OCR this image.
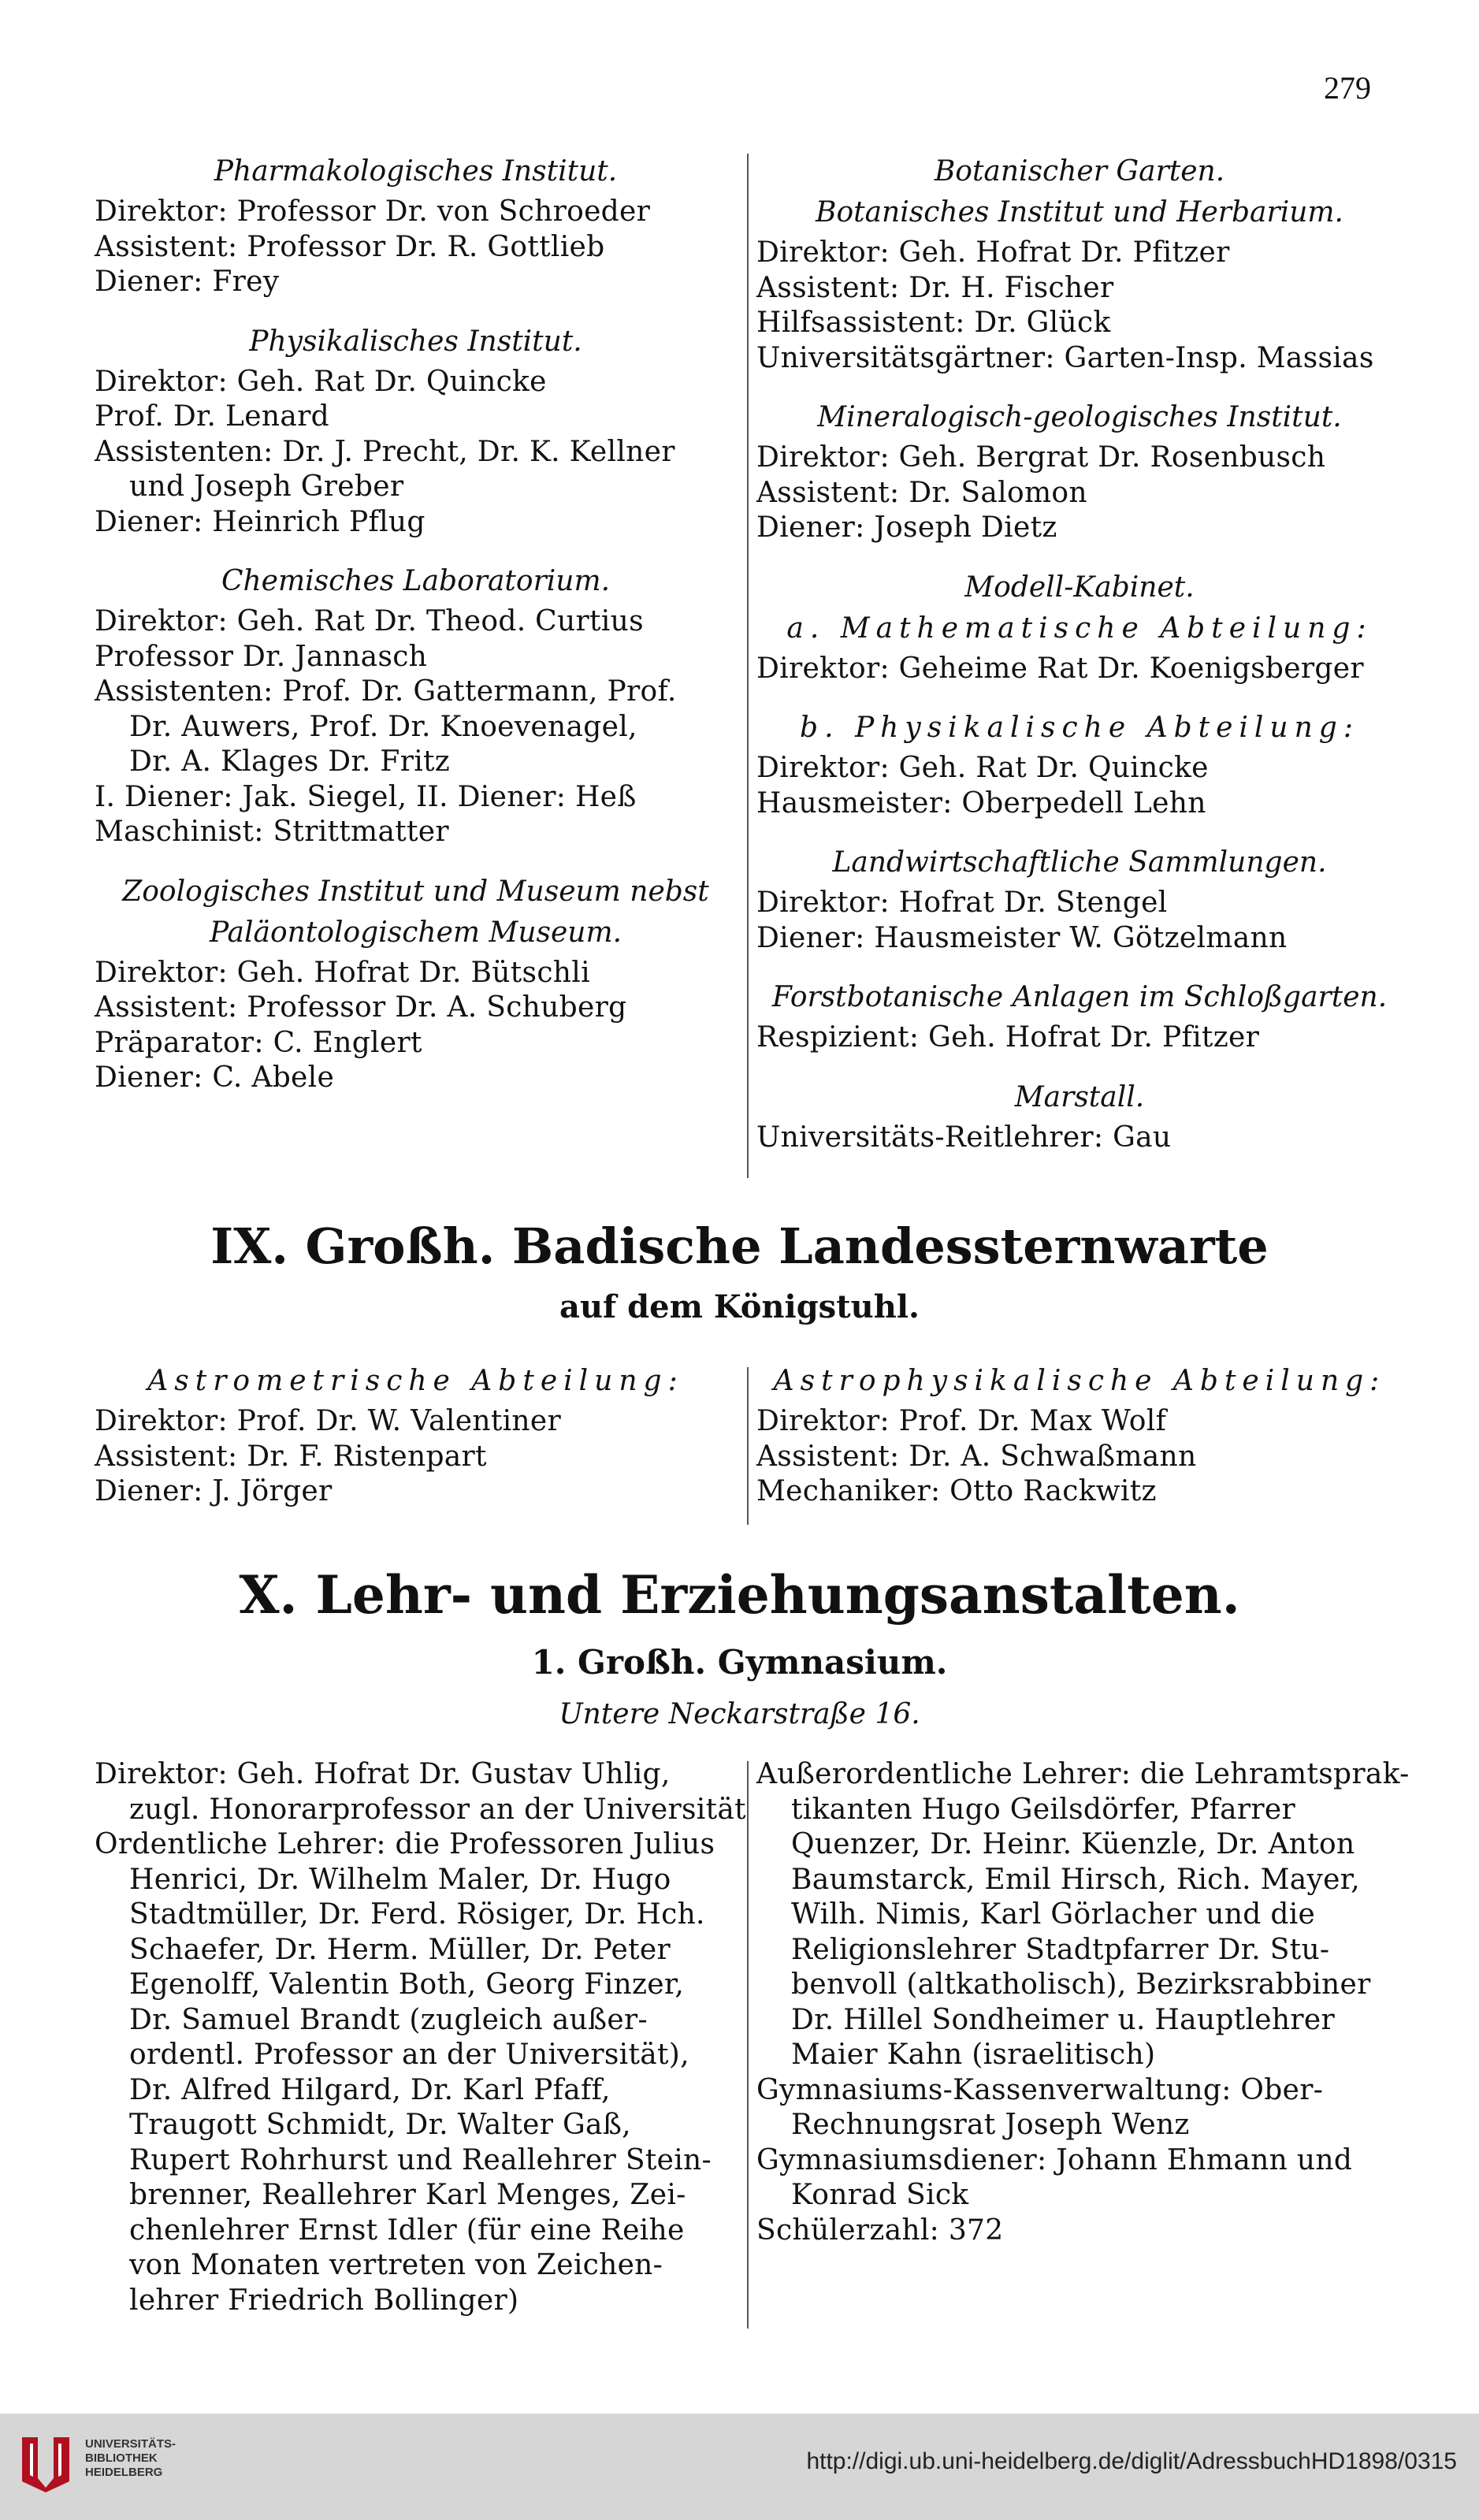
279
Pharmakologisches Institut.
Direktor: Professor Dr. von Schroeder
Assistent: Professor Dr. R. Gottlieb
Diener: Frey
Physikalisches Institut.
Direktor: Geh. Rat Dr. Quincke
Prof. Dr. Lenard
Assistenten: Dr. J. Precht, Dr. K. Kellner
und Joseph Greber
Diener: Heinrich Pflug
Chemisches Laboratorium.
Direktor: Geh. Rat Dr. Theod. Curtius
Professor Dr. Jannasch
Assistenten: Prof. Dr. Gattermann, Prof.
Dr. Auwers, Prof. Dr. Knoevenagel,
Dr. A. Klages Dr. Fritz
I. Diener: Jak. Siegel, II. Diener: Heß
Maschinist: Strittmatter
Zoologisches Institut und Museum nebst
Paläontologischem Museum.
Direktor: Geh. Hofrat Dr. Bütschli
Assistent: Professor Dr. A. Schuberg
Präparator: C. Englert
Diener: C. Abele
Botanischer Garten.
Botanisches Institut und Herbarium.
Direktor: Geh. Hofrat Dr. Pfitzer
Assistent: Dr. H. Fischer
Hilfsassistent: Dr. Glück
Universitätsgärtner: Garten-Insp. Massias
Mineralogisch-geologisches Institut.
Direktor: Geh. Bergrat Dr. Rosenbusch
Assistent: Dr. Salomon
Diener: Joseph Dietz
Modell-Kabinet.
a. Mathematische Abteilung:
Direktor: Geheime Rat Dr. Koenigsberger
b. Physikalische Abteilung:
Direktor: Geh. Rat Dr. Quincke
Hausmeister: Oberpedell Lehn
Landwirtschaftliche Sammlungen.
Direktor: Hofrat Dr. Stengel
Diener: Hausmeister W. Götzelmann
Forstbotanische Anlagen im Schloßgarten.
Respizient: Geh. Hofrat Dr. Pfitzer
Marstall.
Universitäts-Reitlehrer: Gau
IX. Großh. Badische Landessternwarte
auf dem Königstuhl.
Astrometrische Abteilung:
Direktor: Prof. Dr. W. Valentiner
Assistent: Dr. F. Ristenpart
Diener: J. Jörger
Astrophysikalische Abteilung:
Direktor: Prof. Dr. Max Wolf
Assistent: Dr. A. Schwaßmann
Mechaniker: Otto Rackwitz
X. Lehr- und Erziehungsanstalten.
1. Großh. Gymnasium.
Untere Neckarstraße 16.
Direktor: Geh. Hofrat Dr. Gustav Uhlig,
zugl. Honorarprofessor an der Universität
Ordentliche Lehrer: die Professoren Julius
Henrici, Dr. Wilhelm Maler, Dr. Hugo
Stadtmüller, Dr. Ferd. Rösiger, Dr. Hch.
Schaefer, Dr. Herm. Müller, Dr. Peter
Egenolff, Valentin Both, Georg Finzer,
Dr. Samuel Brandt (zugleich außer-
ordentl. Professor an der Universität),
Dr. Alfred Hilgard, Dr. Karl Pfaff,
Traugott Schmidt, Dr. Walter Gaß,
Rupert Rohrhurst und Reallehrer Stein-
brenner, Reallehrer Karl Menges, Zei-
chenlehrer Ernst Idler (für eine Reihe
von Monaten vertreten von Zeichen-
lehrer Friedrich Bollinger)
Außerordentliche Lehrer: die Lehramtsprak-
tikanten Hugo Geilsdörfer, Pfarrer
Quenzer, Dr. Heinr. Küenzle, Dr. Anton
Baumstarck, Emil Hirsch, Rich. Mayer,
Wilh. Nimis, Karl Görlacher und die
Religionslehrer Stadtpfarrer Dr. Stu-
benvoll (altkatholisch), Bezirksrabbiner
Dr. Hillel Sondheimer u. Hauptlehrer
Maier Kahn (israelitisch)
Gymnasiums-Kassenverwaltung: Ober-
Rechnungsrat Joseph Wenz
Gymnasiumsdiener: Johann Ehmann und
Konrad Sick
Schülerzahl: 372
UNIVERSITÄTS-
BIBLIOTHEK
HEIDELBERG	http://digi.ub.uni-heidelberg.de/diglit/AdressbuchHD1898/0315
